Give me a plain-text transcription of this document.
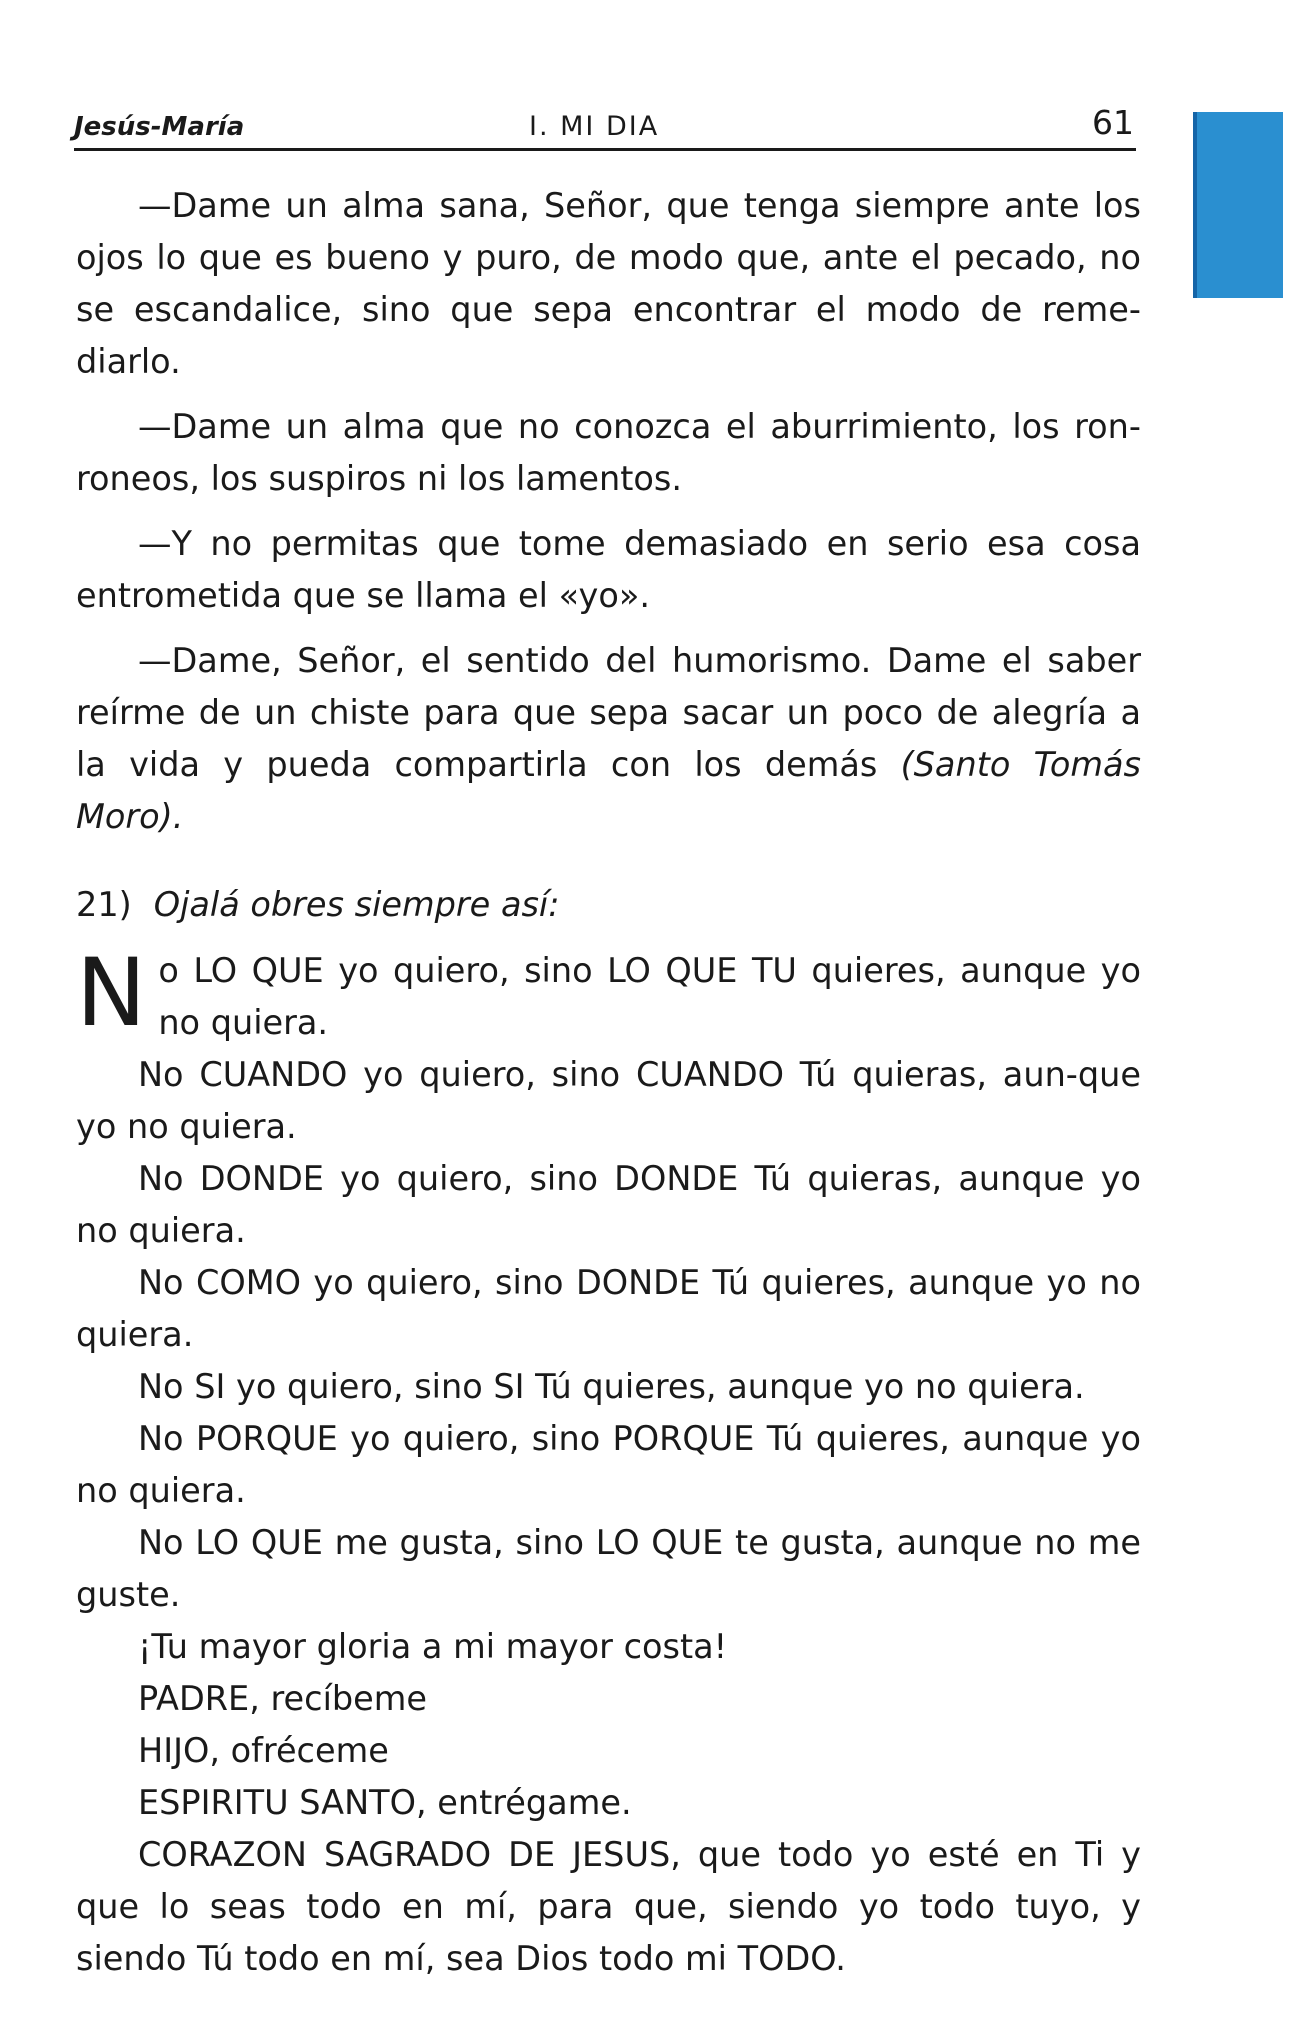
Jesús-María	I. MI DIA	61

—Dame un alma sana, Señor, que tenga siempre ante los ojos lo que es bueno y puro, de modo que, ante el pecado, no se escandalice, sino que sepa encontrar el modo de reme-diarlo.

—Dame un alma que no conozca el aburrimiento, los ron-roneos, los suspiros ni los lamentos.

—Y no permitas que tome demasiado en serio esa cosa entrometida que se llama el «yo».

—Dame, Señor, el sentido del humorismo. Dame el saber reírme de un chiste para que sepa sacar un poco de alegría a la vida y pueda compartirla con los demás (Santo Tomás Moro).

21) Ojalá obres siempre así:

No LO QUE yo quiero, sino LO QUE TU quieres, aunque yo no quiera.

No CUANDO yo quiero, sino CUANDO Tú quieras, aun-que yo no quiera.

No DONDE yo quiero, sino DONDE Tú quieras, aunque yo no quiera.

No COMO yo quiero, sino DONDE Tú quieres, aunque yo no quiera.

No SI yo quiero, sino SI Tú quieres, aunque yo no quiera.

No PORQUE yo quiero, sino PORQUE Tú quieres, aunque yo no quiera.

No LO QUE me gusta, sino LO QUE te gusta, aunque no me guste.

¡Tu mayor gloria a mi mayor costa!

PADRE, recíbeme

HIJO, ofréceme

ESPIRITU SANTO, entrégame.

CORAZON SAGRADO DE JESUS, que todo yo esté en Ti y que lo seas todo en mí, para que, siendo yo todo tuyo, y siendo Tú todo en mí, sea Dios todo mi TODO.
